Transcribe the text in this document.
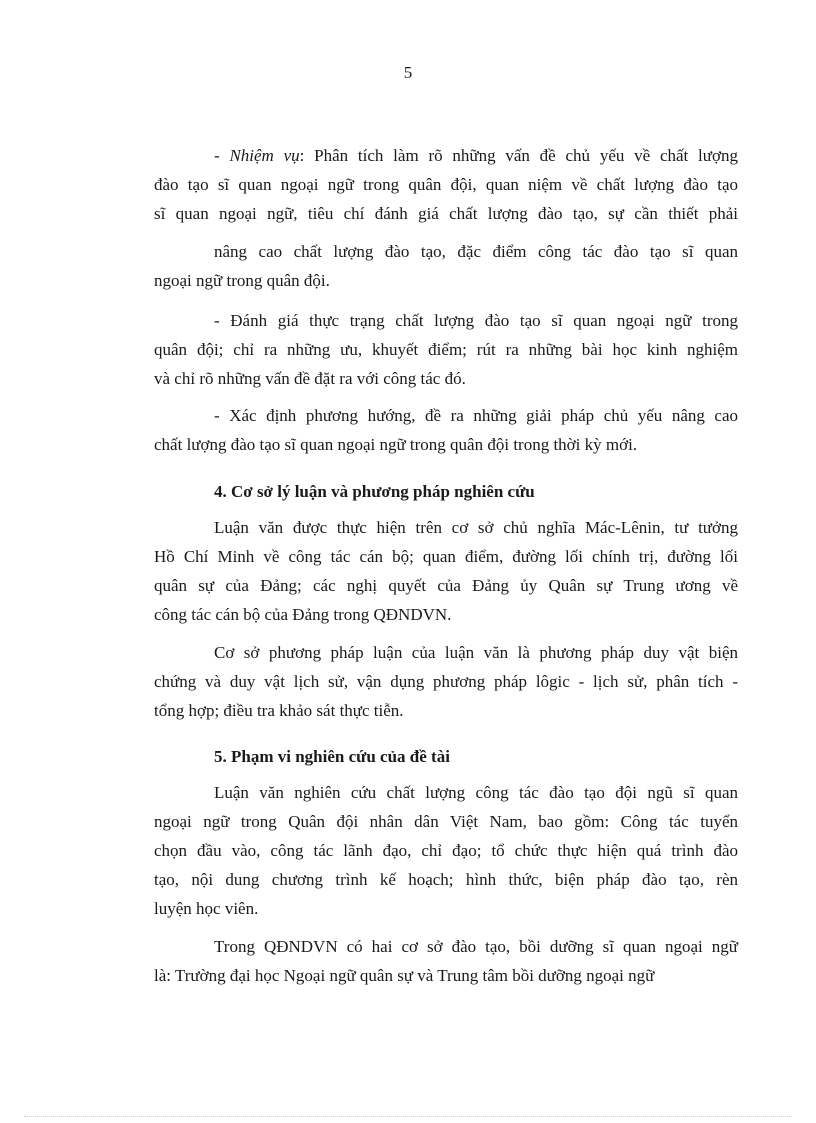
5
- Nhiệm vụ: Phân tích làm rõ những vấn đề chủ yếu về chất lượng
đào tạo sĩ quan ngoại ngữ trong quân đội, quan niệm về chất lượng đào tạo
sĩ quan ngoại ngữ, tiêu chí đánh giá chất lượng đào tạo, sự cần thiết phải
nâng cao chất lượng đào tạo, đặc điểm công tác đào tạo sĩ quan
ngoại ngữ trong quân đội.
- Đánh giá thực trạng chất lượng đào tạo sĩ quan ngoại ngữ trong
quân đội; chỉ ra những ưu, khuyết điểm; rút ra những bài học kinh nghiệm
và chỉ rõ những vấn đề đặt ra với công tác đó.
- Xác định phương hướng, đề ra những giải pháp chủ yếu nâng cao
chất lượng đào tạo sĩ quan ngoại ngữ trong quân đội trong thời kỳ mới.
4. Cơ sở lý luận và phương pháp nghiên cứu
Luận văn được thực hiện trên cơ sở chủ nghĩa Mác-Lênin, tư tưởng
Hồ Chí Minh về công tác cán bộ; quan điểm, đường lối chính trị, đường lối
quân sự của Đảng; các nghị quyết của Đảng ủy Quân sự Trung ương về
công tác cán bộ của Đảng trong QĐNDVN.
Cơ sở phương pháp luận của luận văn là phương pháp duy vật biện
chứng và duy vật lịch sử, vận dụng phương pháp lôgic - lịch sử, phân tích -
tổng hợp; điều tra khảo sát thực tiễn.
5. Phạm vi nghiên cứu của đề tài
Luận văn nghiên cứu chất lượng công tác đào tạo đội ngũ sĩ quan
ngoại ngữ trong Quân đội nhân dân Việt Nam, bao gồm: Công tác tuyển
chọn đầu vào, công tác lãnh đạo, chỉ đạo; tổ chức thực hiện quá trình đào
tạo, nội dung chương trình kế hoạch; hình thức, biện pháp đào tạo, rèn
luyện học viên.
Trong QĐNDVN có hai cơ sở đào tạo, bồi dưỡng sĩ quan ngoại ngữ
là: Trường đại học Ngoại ngữ quân sự và Trung tâm bồi dưỡng ngoại ngữ
